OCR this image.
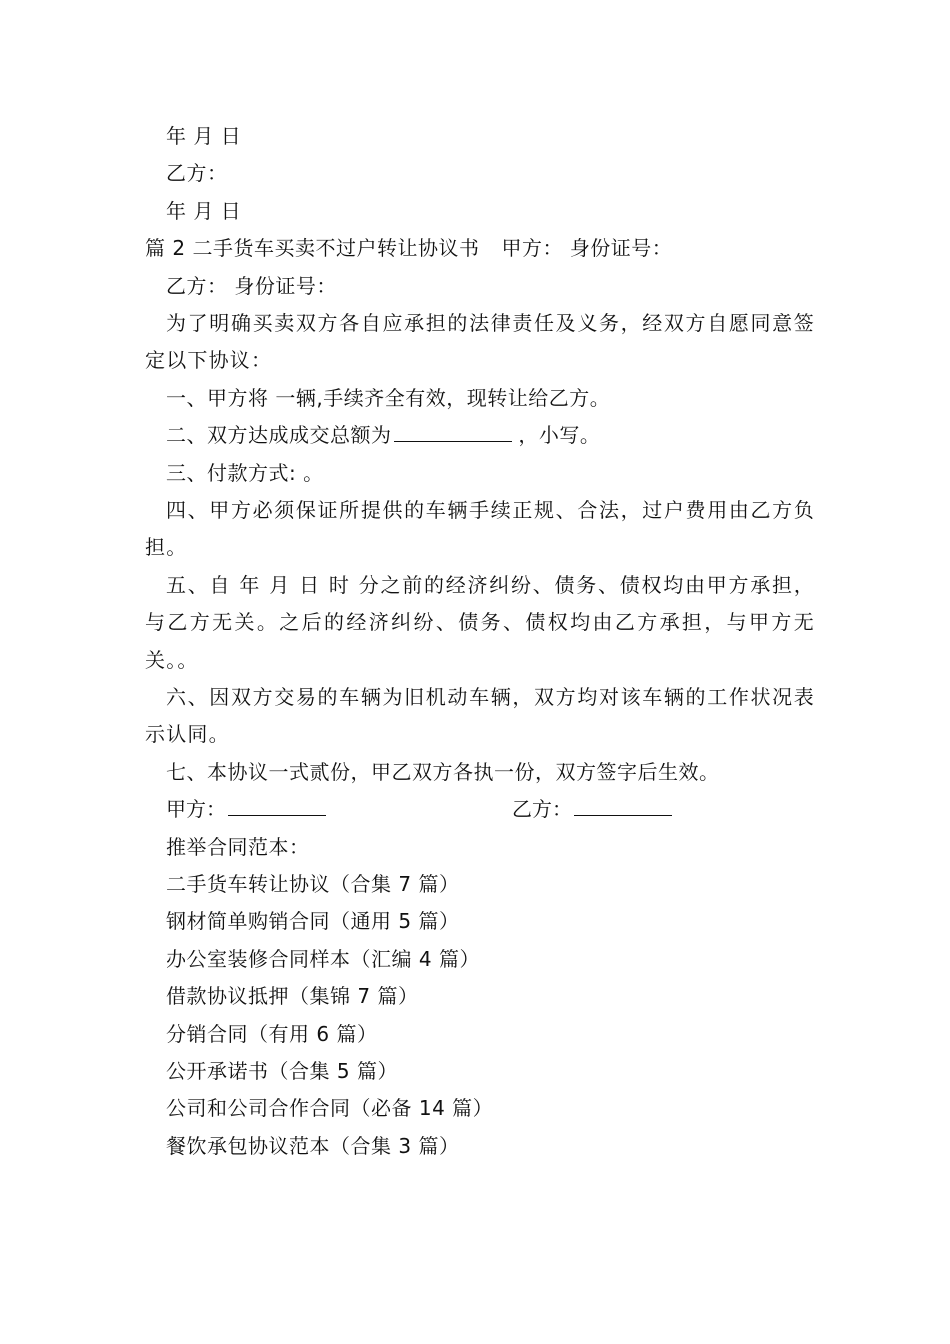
年 月 日
乙方：
年 月 日
篇 2 二手货车买卖不过户转让协议书 甲方： 身份证号：
乙方： 身份证号：
为了明确买卖双方各自应承担的法律责任及义务，经双方自愿同意签定以下协议：
一、甲方将 一辆,手续齐全有效，现转让给乙方。
二、双方达成成交总额为	，小写。
三、付款方式: 。
四、甲方必须保证所提供的车辆手续正规、合法，过户费用由乙方负担。
五、自 年 月 日 时 分之前的经济纠纷、债务、债权均由甲方承担，与乙方无关。之后的经济纠纷、债务、债权均由乙方承担，与甲方无关。。
六、因双方交易的车辆为旧机动车辆，双方均对该车辆的工作状况表示认同。
七、本协议一式贰份，甲乙双方各执一份，双方签字后生效。
甲方：	乙方：
推举合同范本：
二手货车转让协议（合集 7 篇）
钢材简单购销合同（通用 5 篇）
办公室装修合同样本（汇编 4 篇）
借款协议抵押（集锦 7 篇）
分销合同（有用 6 篇）
公开承诺书（合集 5 篇）
公司和公司合作合同（必备 14 篇）
餐饮承包协议范本（合集 3 篇）
